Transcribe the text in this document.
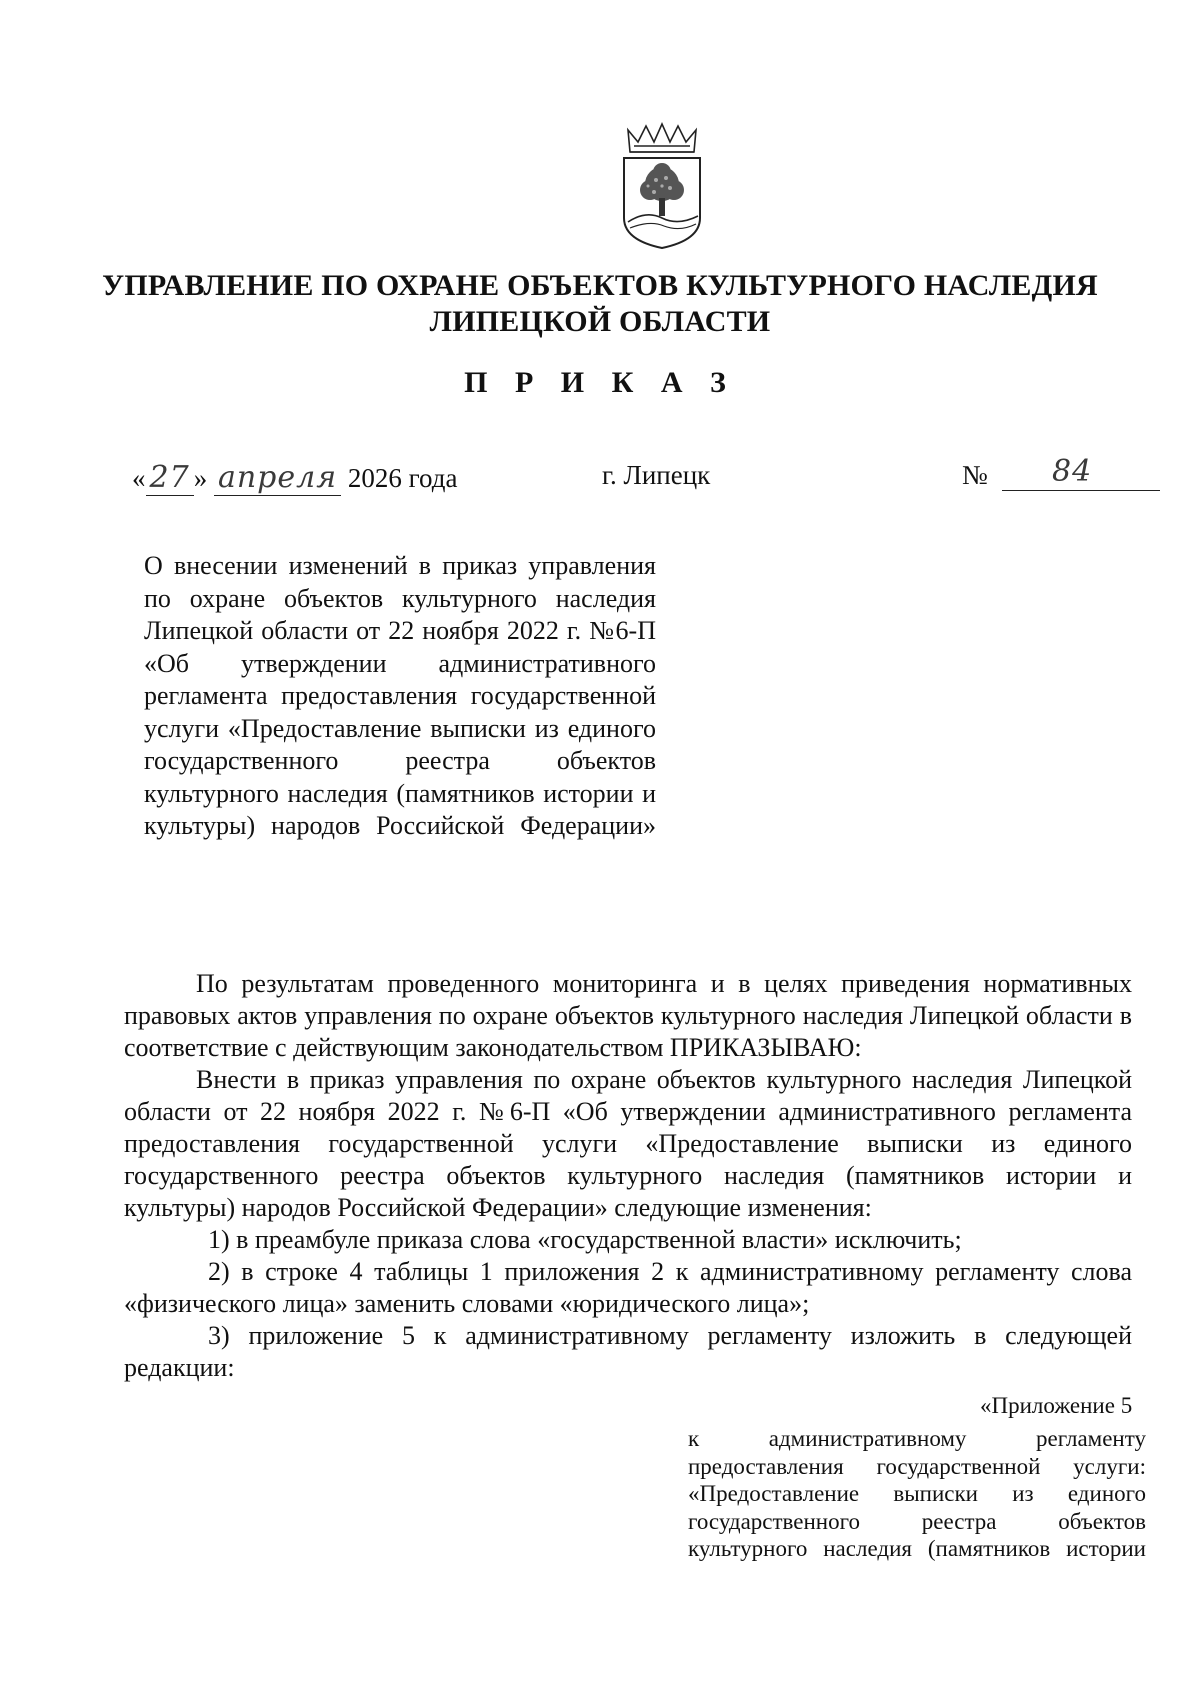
УПРАВЛЕНИЕ ПО ОХРАНЕ ОБЪЕКТОВ КУЛЬТУРНОГО НАСЛЕДИЯ
ЛИПЕЦКОЙ ОБЛАСТИ
П Р И К А З
« 27 » апреля 2026 года	г. Липецк	№ 84
О внесении изменений в приказ управления по охране объектов культурного наследия Липецкой области от 22 ноября 2022 г. №6-П «Об утверждении административного регламента предоставления государственной услуги «Предоставление выписки из единого государственного реестра объектов культурного наследия (памятников истории и культуры) народов Российской Федерации»

По результатам проведенного мониторинга и в целях приведения нормативных правовых актов управления по охране объектов культурного наследия Липецкой области в соответствие с действующим законодательством ПРИКАЗЫВАЮ:

Внести в приказ управления по охране объектов культурного наследия Липецкой области от 22 ноября 2022 г. №6-П «Об утверждении административного регламента предоставления государственной услуги «Предоставление выписки из единого государственного реестра объектов культурного наследия (памятников истории и культуры) народов Российской Федерации» следующие изменения:

1) в преамбуле приказа слова «государственной власти» исключить;

2) в строке 4 таблицы 1 приложения 2 к административному регламенту слова «физического лица» заменить словами «юридического лица»;

3) приложение 5 к административному регламенту изложить в следующей редакции:

«Приложение 5
к административному регламенту предоставления государственной услуги: «Предоставление выписки из единого государственного реестра объектов культурного наследия (памятников истории
